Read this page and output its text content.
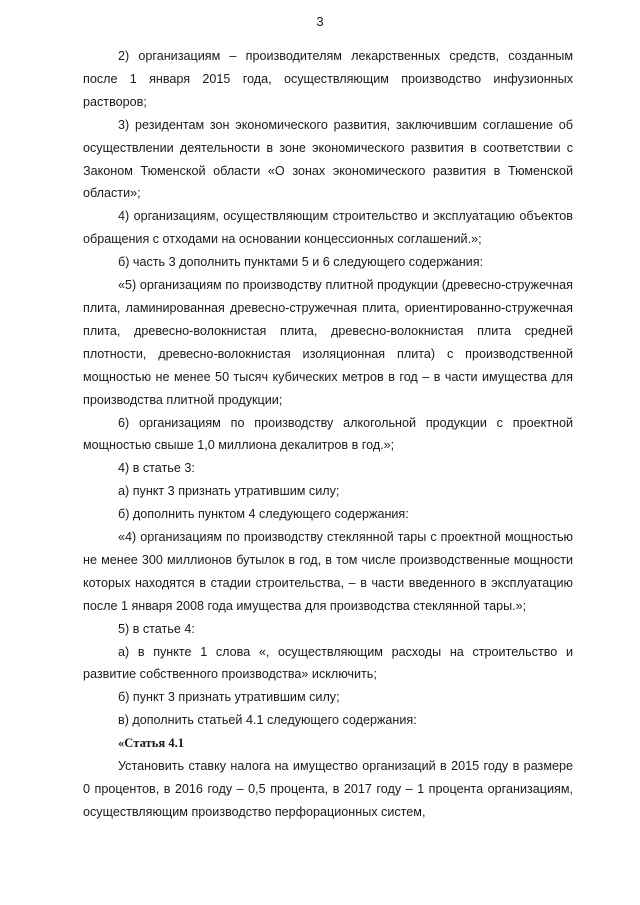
3

2) организациям – производителям лекарственных средств, созданным после 1 января 2015 года, осуществляющим производство инфузионных растворов;

3) резидентам зон экономического развития, заключившим соглашение об осуществлении деятельности в зоне экономического развития в соответствии с Законом Тюменской области «О зонах экономического развития в Тюменской области»;

4) организациям, осуществляющим строительство и эксплуатацию объектов обращения с отходами на основании концессионных соглашений.»;

б) часть 3 дополнить пунктами 5 и 6 следующего содержания:

«5) организациям по производству плитной продукции (древесно-стружечная плита, ламинированная древесно-стружечная плита, ориентированно-стружечная плита, древесно-волокнистая плита, древесно-волокнистая плита средней плотности, древесно-волокнистая изоляционная плита) с производственной мощностью не менее 50 тысяч кубических метров в год – в части имущества для производства плитной продукции;

6) организациям по производству алкогольной продукции с проектной мощностью свыше 1,0 миллиона декалитров в год.»;

4) в статье 3:

а) пункт 3 признать утратившим силу;

б) дополнить пунктом 4 следующего содержания:

«4) организациям по производству стеклянной тары с проектной мощностью не менее 300 миллионов бутылок в год, в том числе производственные мощности которых находятся в стадии строительства, – в части введенного в эксплуатацию после 1 января 2008 года имущества для производства стеклянной тары.»;

5) в статье 4:

а) в пункте 1 слова «, осуществляющим расходы на строительство и развитие собственного производства» исключить;

б) пункт 3 признать утратившим силу;

в) дополнить статьей 4.1 следующего содержания:

«Статья 4.1

Установить ставку налога на имущество организаций в 2015 году в размере 0 процентов, в 2016 году – 0,5 процента, в 2017 году – 1 процента организациям, осуществляющим производство перфорационных систем,
